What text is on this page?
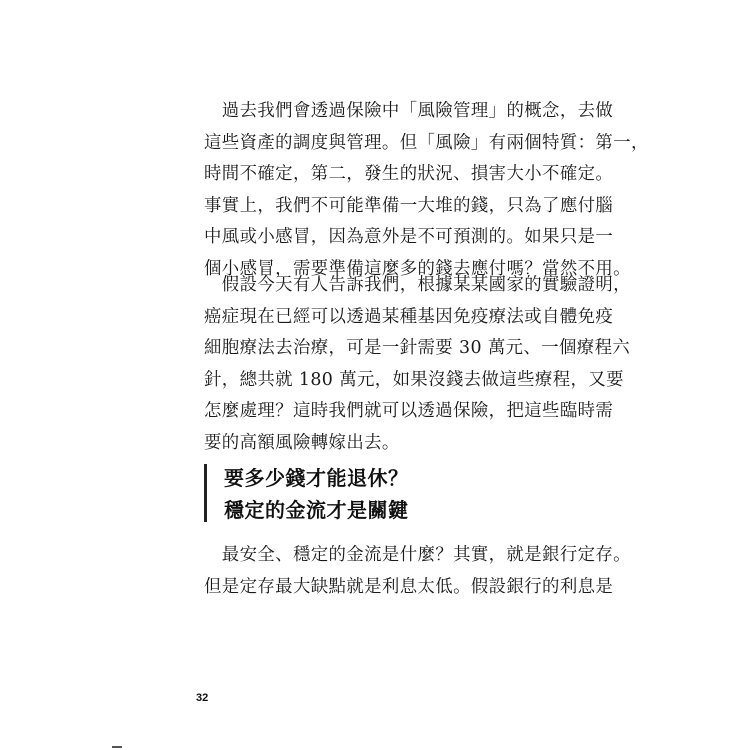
　過去我們會透過保險中「風險管理」的概念，去做
這些資產的調度與管理。但「風險」有兩個特質：第一，
時間不確定，第二，發生的狀況、損害大小不確定。
事實上，我們不可能準備一大堆的錢，只為了應付腦
中風或小感冒，因為意外是不可預測的。如果只是一
個小感冒，需要準備這麼多的錢去應付嗎？當然不用。
　假設今天有人告訴我們，根據某某國家的實驗證明，
癌症現在已經可以透過某種基因免疫療法或自體免疫
細胞療法去治療，可是一針需要 30 萬元、一個療程六
針，總共就 180 萬元，如果沒錢去做這些療程，又要
怎麼處理？這時我們就可以透過保險，把這些臨時需
要的高額風險轉嫁出去。
要多少錢才能退休？
穩定的金流才是關鍵
　最安全、穩定的金流是什麼？其實，就是銀行定存。
但是定存最大缺點就是利息太低。假設銀行的利息是
32
